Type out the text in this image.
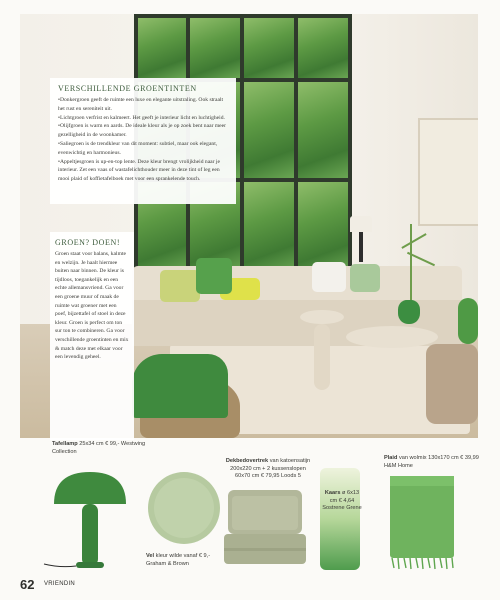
VERSCHILLENDE GROENTINTEN

• Donkergroen geeft de ruimte een luxe en elegante uitstraling. Ook straalt het rust en sereniteit uit.
• Lichtgroen verfrist en kalmeert. Het geeft je interieur licht en luchtigheid.
• Olijfgroen is warm en aards. De ideale kleur als je op zoek bent naar meer gezelligheid in de woonkamer.
• Saliegroen is de trendkleur van dit moment: subtiel, maar ook elegant, evenwichtig en harmonieus.
• Appeltjesgroen is up-en-top lente. Deze kleur brengt vrolijkheid naar je interieur. Zet een vaas of wastafelichthouder meer in deze tint of leg een mooi plaid of koffietafelboek met voor een sprankelende touch.

GROEN? DOEN!

Groen staat voor balans, kalmte en welzijn. Je haalt hiermee buiten naar binnen. De kleur is tijdloos, toegankelijk en een echte allemansvriend. Ga voor een groene muur of maak de ruimte wat groener met een poef, bijzettafel of stoel in deze kleur. Groen is perfect om ton sur ton te combineren. Ga voor verschillende groentinten en mix & match deze met elkaar voor een levendig geheel.

Tafellamp 25x34 cm € 99,- Westwing Collection
Vel kleur wilde vanaf € 9,- Graham & Brown
Dekbedovertrek van katoensatijn 200x220 cm + 2 kussenslopen 60x70 cm € 79,95 Loods 5
Kaars ø 6x13 cm € 4,64 Sostrene Grene
Plaid van wolmix 130x170 cm € 39,99 H&M Home
62 VRIENDIN
